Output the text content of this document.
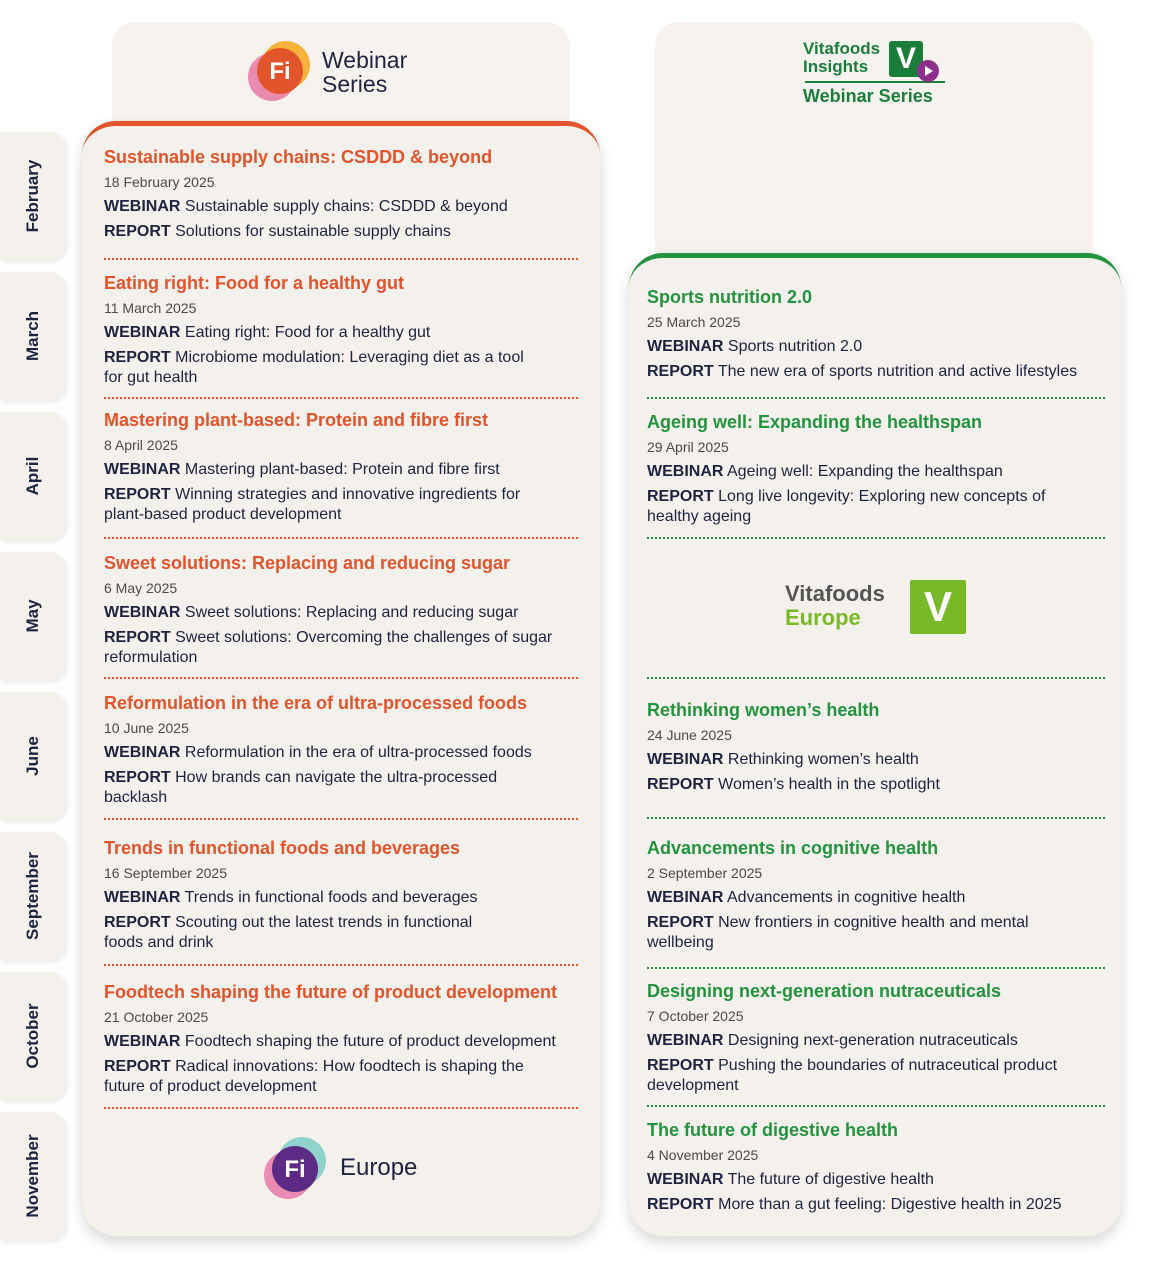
February
March
April
May
June
September
October
November
Fi Webinar
Series
Vitafoods
Insights
Webinar Series
V

Sustainable supply chains: CSDDD & beyond

18 February 2025

WEBINAR Sustainable supply chains: CSDDD & beyond

REPORT Solutions for sustainable supply chains

Eating right: Food for a healthy gut

11 March 2025

WEBINAR Eating right: Food for a healthy gut

REPORT Microbiome modulation: Leveraging diet as a tool for gut health

Mastering plant-based: Protein and fibre first

8 April 2025

WEBINAR Mastering plant-based: Protein and fibre first

REPORT Winning strategies and innovative ingredients for plant-based product development

Sweet solutions: Replacing and reducing sugar

6 May 2025

WEBINAR Sweet solutions: Replacing and reducing sugar

REPORT Sweet solutions: Overcoming the challenges of sugar reformulation

Reformulation in the era of ultra-processed foods

10 June 2025

WEBINAR Reformulation in the era of ultra-processed foods

REPORT How brands can navigate the ultra-processed backlash

Trends in functional foods and beverages

16 September 2025

WEBINAR Trends in functional foods and beverages

REPORT Scouting out the latest trends in functional foods and drink

Foodtech shaping the future of product development

21 October 2025

WEBINAR Foodtech shaping the future of product development

REPORT Radical innovations: How foodtech is shaping the future of product development

Fi Europe

Sports nutrition 2.0

25 March 2025

WEBINAR Sports nutrition 2.0

REPORT The new era of sports nutrition and active lifestyles

Ageing well: Expanding the healthspan

29 April 2025

WEBINAR Ageing well: Expanding the healthspan

REPORT Long live longevity: Exploring new concepts of healthy ageing

Vitafoods
Europe	V

Rethinking women’s health

24 June 2025

WEBINAR Rethinking women’s health

REPORT Women’s health in the spotlight

Advancements in cognitive health

2 September 2025

WEBINAR Advancements in cognitive health

REPORT New frontiers in cognitive health and mental wellbeing

Designing next-generation nutraceuticals

7 October 2025

WEBINAR Designing next-generation nutraceuticals

REPORT Pushing the boundaries of nutraceutical product development

The future of digestive health

4 November 2025

WEBINAR The future of digestive health

REPORT More than a gut feeling: Digestive health in 2025
